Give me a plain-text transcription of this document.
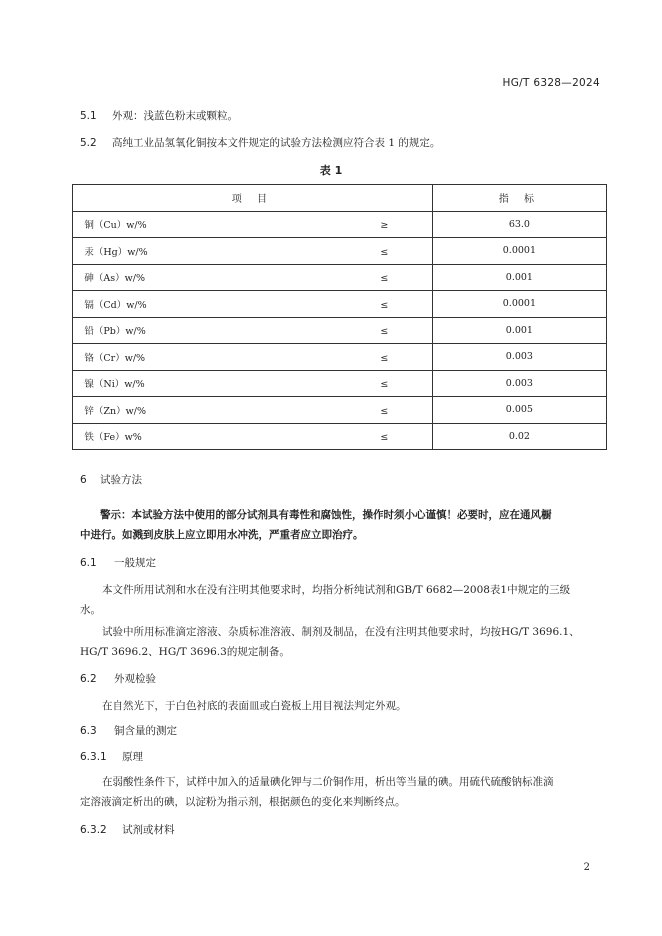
HG/T 6328—2024
5.1 外观：浅蓝色粉末或颗粒。
5.2 高纯工业品氢氧化铜按本文件规定的试验方法检测应符合表 1 的规定。
表 1
项 目	指 标
铜（Cu）w/% ≥	63.0
汞（Hg）w/% ≤	0.0001
砷（As）w/% ≤	0.001
镉（Cd）w/% ≤	0.0001
铅（Pb）w/% ≤	0.001
铬（Cr）w/% ≤	0.003
镍（Ni）w/% ≤	0.003
锌（Zn）w/% ≤	0.005
铁（Fe）w% ≤	0.02
6 试验方法
警示：本试验方法中使用的部分试剂具有毒性和腐蚀性，操作时须小心谨慎！必要时，应在通风橱
中进行。如溅到皮肤上应立即用水冲洗，严重者应立即治疗。
6.1 一般规定
本文件所用试剂和水在没有注明其他要求时，均指分析纯试剂和GB/T 6682—2008表1中规定的三级
水。
试验中所用标准滴定溶液、杂质标准溶液、制剂及制品，在没有注明其他要求时，均按HG/T 3696.1、
HG/T 3696.2、HG/T 3696.3的规定制备。
6.2 外观检验
在自然光下，于白色衬底的表面皿或白瓷板上用目视法判定外观。
6.3 铜含量的测定
6.3.1 原理
在弱酸性条件下，试样中加入的适量碘化钾与二价铜作用，析出等当量的碘。用硫代硫酸钠标准滴
定溶液滴定析出的碘，以淀粉为指示剂，根据颜色的变化来判断终点。
6.3.2 试剂或材料
2
